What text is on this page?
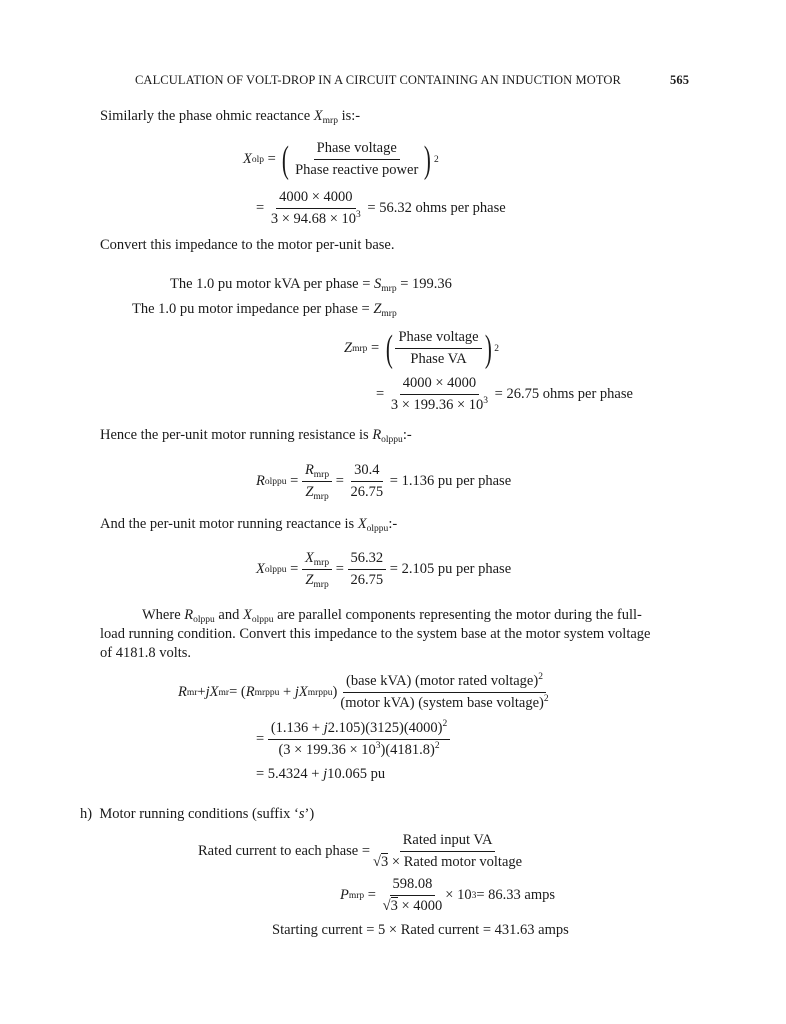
CALCULATION OF VOLT-DROP IN A CIRCUIT CONTAINING AN INDUCTION MOTOR	565
Similarly the phase ohmic reactance $X_{mrp}$ is:-
X olp = ( $\frac{\text{Phase voltage}}{\text{Phase reactive power}}$ ) 2
= $\frac{4000 \times 4000}{3 \times 94.68 \times 10^3}$
= 56.32 ohms per phase
Convert this impedance to the motor per-unit base.
The 1.0 pu motor kVA per phase = $S_{mrp} = 199.36$
The 1.0 pu motor impedance per phase = $Z_{mrp}$
Z mrp = ( $\frac{\text{Phase voltage}}{\text{Phase VA}}$ ) 2
= $\frac{4000 \times 4000}{3 \times 199.36 \times 10^3}$
= 26.75 ohms per phase
Hence the per-unit motor running resistance is $R_{olppu}:-$
R olppu = $\frac{R_{mrp}}{Z_{mrp}} = \frac{30.4}{26.75}$
= 1.136 pu per phase
And the per-unit motor running reactance is $X_{olppu}:-$
X olppu = $\frac{X_{mrp}}{Z_{mrp}} = \frac{56.32}{26.75}$
= 2.105 pu per phase
Where $R_{olppu}$ and $X_{olppu}$ are parallel components representing the motor during the full-
load running condition. Convert this impedance to the system base at the motor system voltage
of 4181.8 volts.
R mr + j X mr = ( R mrppu + j X mrppu ) $\frac{(base kVA) (motor rated voltage)^2}{(motor kVA) (system base voltage)^2}$
= $\frac{(1.136 + j2.105)(3125)(4000)^2}{(3 \times 199.36 \times 10^3)(4181.8)^2}$
= 5.4324 + j10.065 pu
h) Motor running conditions (suffix ‘s’)
Rated current to each phase = $\frac{\text{Rated input VA}}{\text{√3 × Rated motor voltage}}$
P mrp = $\frac{598.08}{√3 \times 4000} \times 10$ 3 = 86.33 amps
Starting current = 5 × Rated current = 431.63 amps
